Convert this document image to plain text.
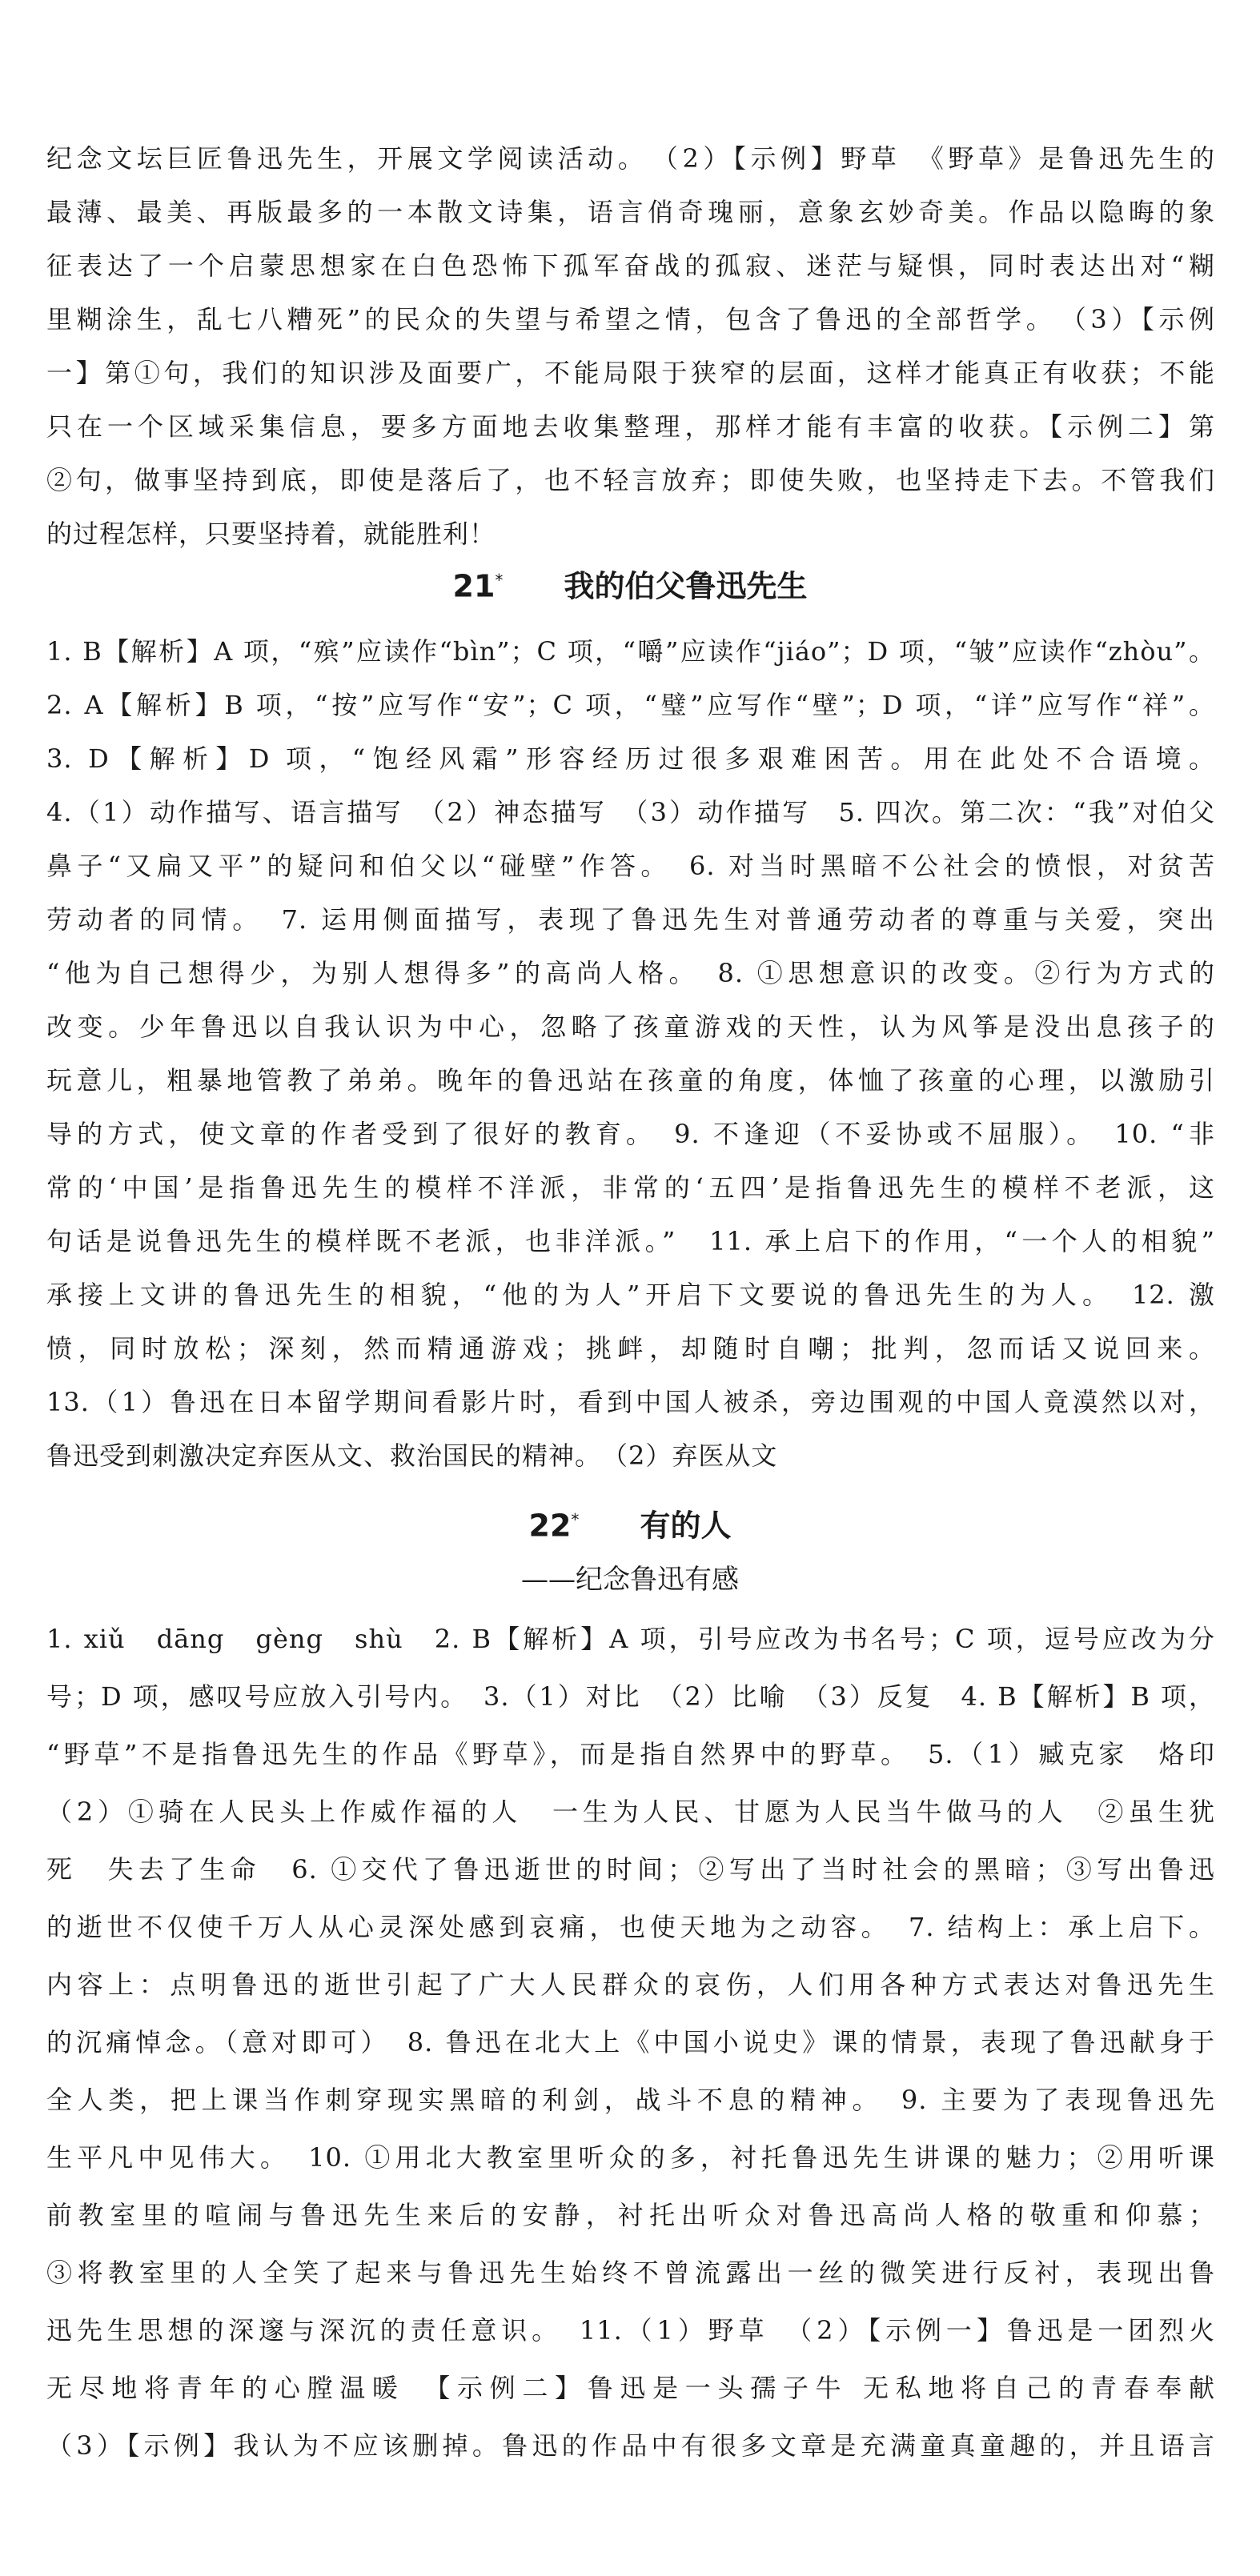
纪念文坛巨匠鲁迅先生，开展文学阅读活动。　（2）【示例】野草　《野草》是鲁迅先生的
最薄、最美、再版最多的一本散文诗集，语言俏奇瑰丽，意象玄妙奇美。作品以隐晦的象
征表达了一个启蒙思想家在白色恐怖下孤军奋战的孤寂、迷茫与疑惧，同时表达出对“糊
里糊涂生，乱七八糟死”的民众的失望与希望之情，包含了鲁迅的全部哲学。　（3）【示例
一】第①句，我们的知识涉及面要广，不能局限于狭窄的层面，这样才能真正有收获；不能
只在一个区域采集信息，要多方面地去收集整理，那样才能有丰富的收获。【示例二】第
②句，做事坚持到底，即使是落后了，也不轻言放弃；即使失败，也坚持走下去。不管我们
的过程怎样，只要坚持着，就能胜利！
21*　　 我的伯父鲁迅先生
1. B【解析】A 项，“殡”应读作“bìn”；C 项，“嚼”应读作“jiáo”；D 项，“皱”应读作“zhòu”。
2. A【解析】B 项，“按”应写作“安”；C 项，“璧”应写作“壁”；D 项，“详”应写作“祥”。
3. D【解析】D 项，“饱经风霜”形容经历过很多艰难困苦。用在此处不合语境。
4.（1）动作描写、语言描写　（2）神态描写　（3）动作描写　5. 四次。第二次：“我”对伯父
鼻子“又扁又平”的疑问和伯父以“碰壁”作答。　6. 对当时黑暗不公社会的愤恨，对贫苦
劳动者的同情。　7. 运用侧面描写，表现了鲁迅先生对普通劳动者的尊重与关爱，突出
“他为自己想得少，为别人想得多”的高尚人格。　8. ①思想意识的改变。②行为方式的
改变。少年鲁迅以自我认识为中心，忽略了孩童游戏的天性，认为风筝是没出息孩子的
玩意儿，粗暴地管教了弟弟。晚年的鲁迅站在孩童的角度，体恤了孩童的心理，以激励引
导的方式，使文章的作者受到了很好的教育。　9. 不逢迎（不妥协或不屈服）。　10. “非
常的‘中国’是指鲁迅先生的模样不洋派，非常的‘五四’是指鲁迅先生的模样不老派，这
句话是说鲁迅先生的模样既不老派，也非洋派。”　11. 承上启下的作用，“一个人的相貌”
承接上文讲的鲁迅先生的相貌，“他的为人”开启下文要说的鲁迅先生的为人。　12. 激
愤，同时放松；深刻，然而精通游戏；挑衅，却随时自嘲；批判，忽而话又说回来。
13.（1）鲁迅在日本留学期间看影片时，看到中国人被杀，旁边围观的中国人竟漠然以对，
鲁迅受到刺激决定弃医从文、救治国民的精神。　（2）弃医从文
22*　　 有的人
——纪念鲁迅有感
1. xiǔ　dāng　gèng　shù　2. B【解析】A 项，引号应改为书名号；C 项，逗号应改为分
号；D 项，感叹号应放入引号内。　3.（1）对比　（2）比喻　（3）反复　4. B【解析】B 项，
“野草”不是指鲁迅先生的作品《野草》，而是指自然界中的野草。　5.（1）臧克家　烙印
（2）①骑在人民头上作威作福的人　一生为人民、甘愿为人民当牛做马的人　②虽生犹
死　失去了生命　6. ①交代了鲁迅逝世的时间；②写出了当时社会的黑暗；③写出鲁迅
的逝世不仅使千万人从心灵深处感到哀痛，也使天地为之动容。　7. 结构上：承上启下。
内容上：点明鲁迅的逝世引起了广大人民群众的哀伤，人们用各种方式表达对鲁迅先生
的沉痛悼念。（意对即可）　8. 鲁迅在北大上《中国小说史》课的情景，表现了鲁迅献身于
全人类，把上课当作刺穿现实黑暗的利剑，战斗不息的精神。　9. 主要为了表现鲁迅先
生平凡中见伟大。　10. ①用北大教室里听众的多，衬托鲁迅先生讲课的魅力；②用听课
前教室里的喧闹与鲁迅先生来后的安静，衬托出听众对鲁迅高尚人格的敬重和仰慕；
③将教室里的人全笑了起来与鲁迅先生始终不曾流露出一丝的微笑进行反衬，表现出鲁
迅先生思想的深邃与深沉的责任意识。　11.（1）野草　（2）【示例一】鲁迅是一团烈火
无尽地将青年的心膛温暖　【示例二】鲁迅是一头孺子牛 无私地将自己的青春奉献
（3）【示例】我认为不应该删掉。鲁迅的作品中有很多文章是充满童真童趣的，并且语言
